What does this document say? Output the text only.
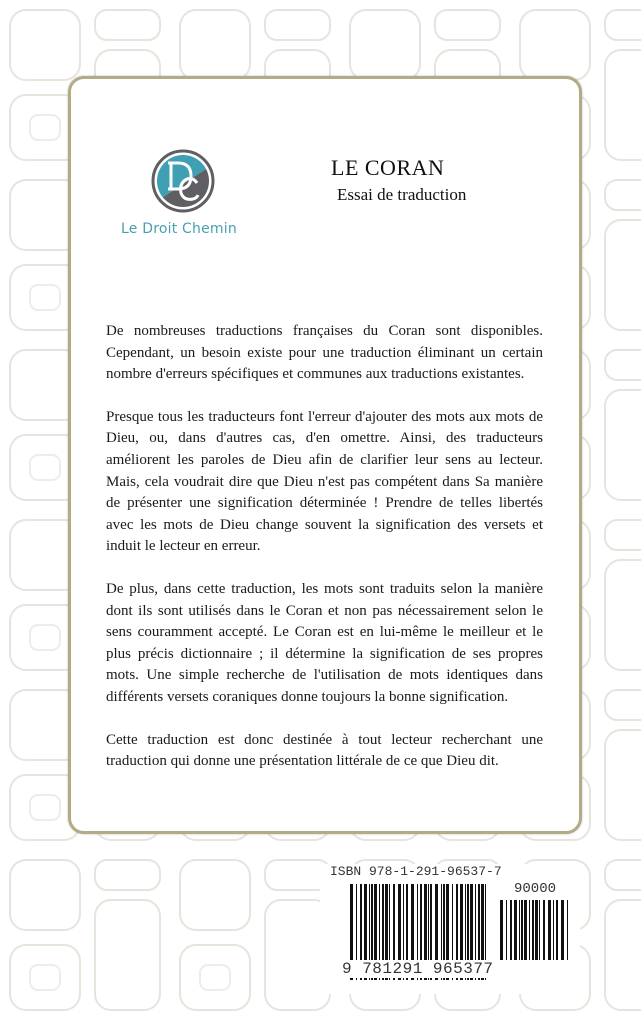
Le Droit Chemin
LE CORAN
Essai de traduction

De nombreuses traductions françaises du Coran sont disponibles. Cependant, un besoin existe pour une traduction éliminant un certain nombre d'erreurs spécifiques et communes aux traductions existantes.

Presque tous les traducteurs font l'erreur d'ajouter des mots aux mots de Dieu, ou, dans d'autres cas, d'en omettre. Ainsi, des traducteurs améliorent les paroles de Dieu afin de clarifier leur sens au lecteur. Mais, cela voudrait dire que Dieu n'est pas compétent dans Sa manière de présenter une signification déterminée ! Prendre de telles libertés avec les mots de Dieu change souvent la signification des versets et induit le lecteur en erreur.

De plus, dans cette traduction, les mots sont traduits selon la manière dont ils sont utilisés dans le Coran et non pas nécessairement selon le sens couramment accepté. Le Coran est en lui-même le meilleur et le plus précis dictionnaire ; il détermine la signification de ses propres mots. Une simple recherche de l'utilisation de mots identiques dans différents versets coraniques donne toujours la bonne signification.

Cette traduction est donc destinée à tout lecteur recherchant une traduction qui donne une présentation littérale de ce que Dieu dit.

ISBN 978-1-291-96537-7
90000
9 781291 965377
